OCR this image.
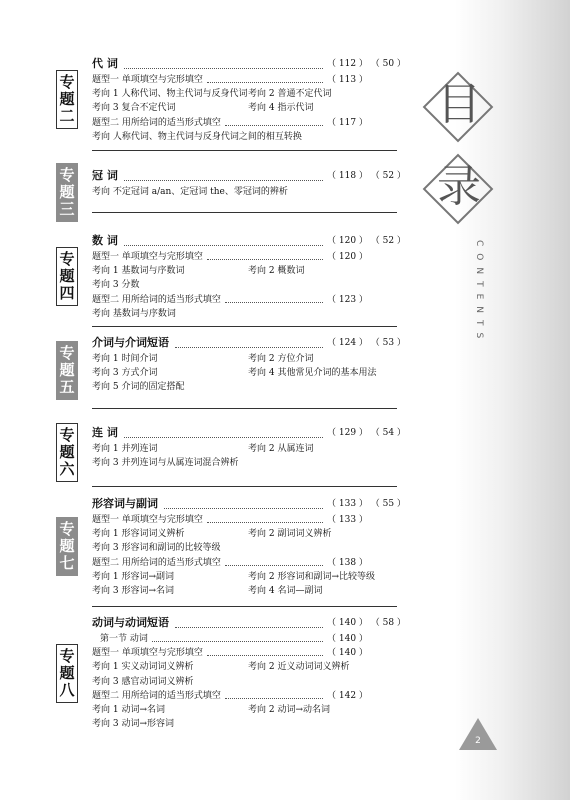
代 词	（ 112 ） （ 50 ）
题型一 单项填空与完形填空	（ 113 ）
考向 1 人称代词、物主代词与反身代词 考向 2 普通不定代词
考向 3 复合不定代词	考向 4 指示代词
题型二 用所给词的适当形式填空	（ 117 ）
考向 人称代词、物主代词与反身代词之间的相互转换
冠 词	（ 118 ） （ 52 ）
考向 不定冠词 a/an、定冠词 the、零冠词的辨析
数 词	（ 120 ） （ 52 ）
题型一 单项填空与完形填空	（ 120 ）
考向 1 基数词与序数词	考向 2 概数词
考向 3 分数
题型二 用所给词的适当形式填空	（ 123 ）
考向 基数词与序数词
介词与介词短语	（ 124 ） （ 53 ）
考向 1 时间介词	考向 2 方位介词
考向 3 方式介词	考向 4 其他常见介词的基本用法
考向 5 介词的固定搭配
连 词	（ 129 ） （ 54 ）
考向 1 并列连词	考向 2 从属连词
考向 3 并列连词与从属连词混合辨析
形容词与副词	（ 133 ） （ 55 ）
题型一 单项填空与完形填空	（ 133 ）
考向 1 形容词词义辨析	考向 2 副词词义辨析
考向 3 形容词和副词的比较等级
题型二 用所给词的适当形式填空	（ 138 ）
考向 1 形容词→副词	考向 2 形容词和副词→比较等级
考向 3 形容词→名词	考向 4 名词—副词
动词与动词短语	（ 140 ） （ 58 ）
第一节 动词	（ 140 ）
题型一 单项填空与完形填空	（ 140 ）
考向 1 实义动词词义辨析	考向 2 近义动词词义辨析
考向 3 感官动词词义辨析
题型二 用所给词的适当形式填空	（ 142 ）
考向 1 动词→名词	考向 2 动词→动名词
考向 3 动词→形容词
目
录
CONTENTS
2
专
题
二
专
题
三
专
题
四
专
题
五
专
题
六
专
题
七
专
题
八
